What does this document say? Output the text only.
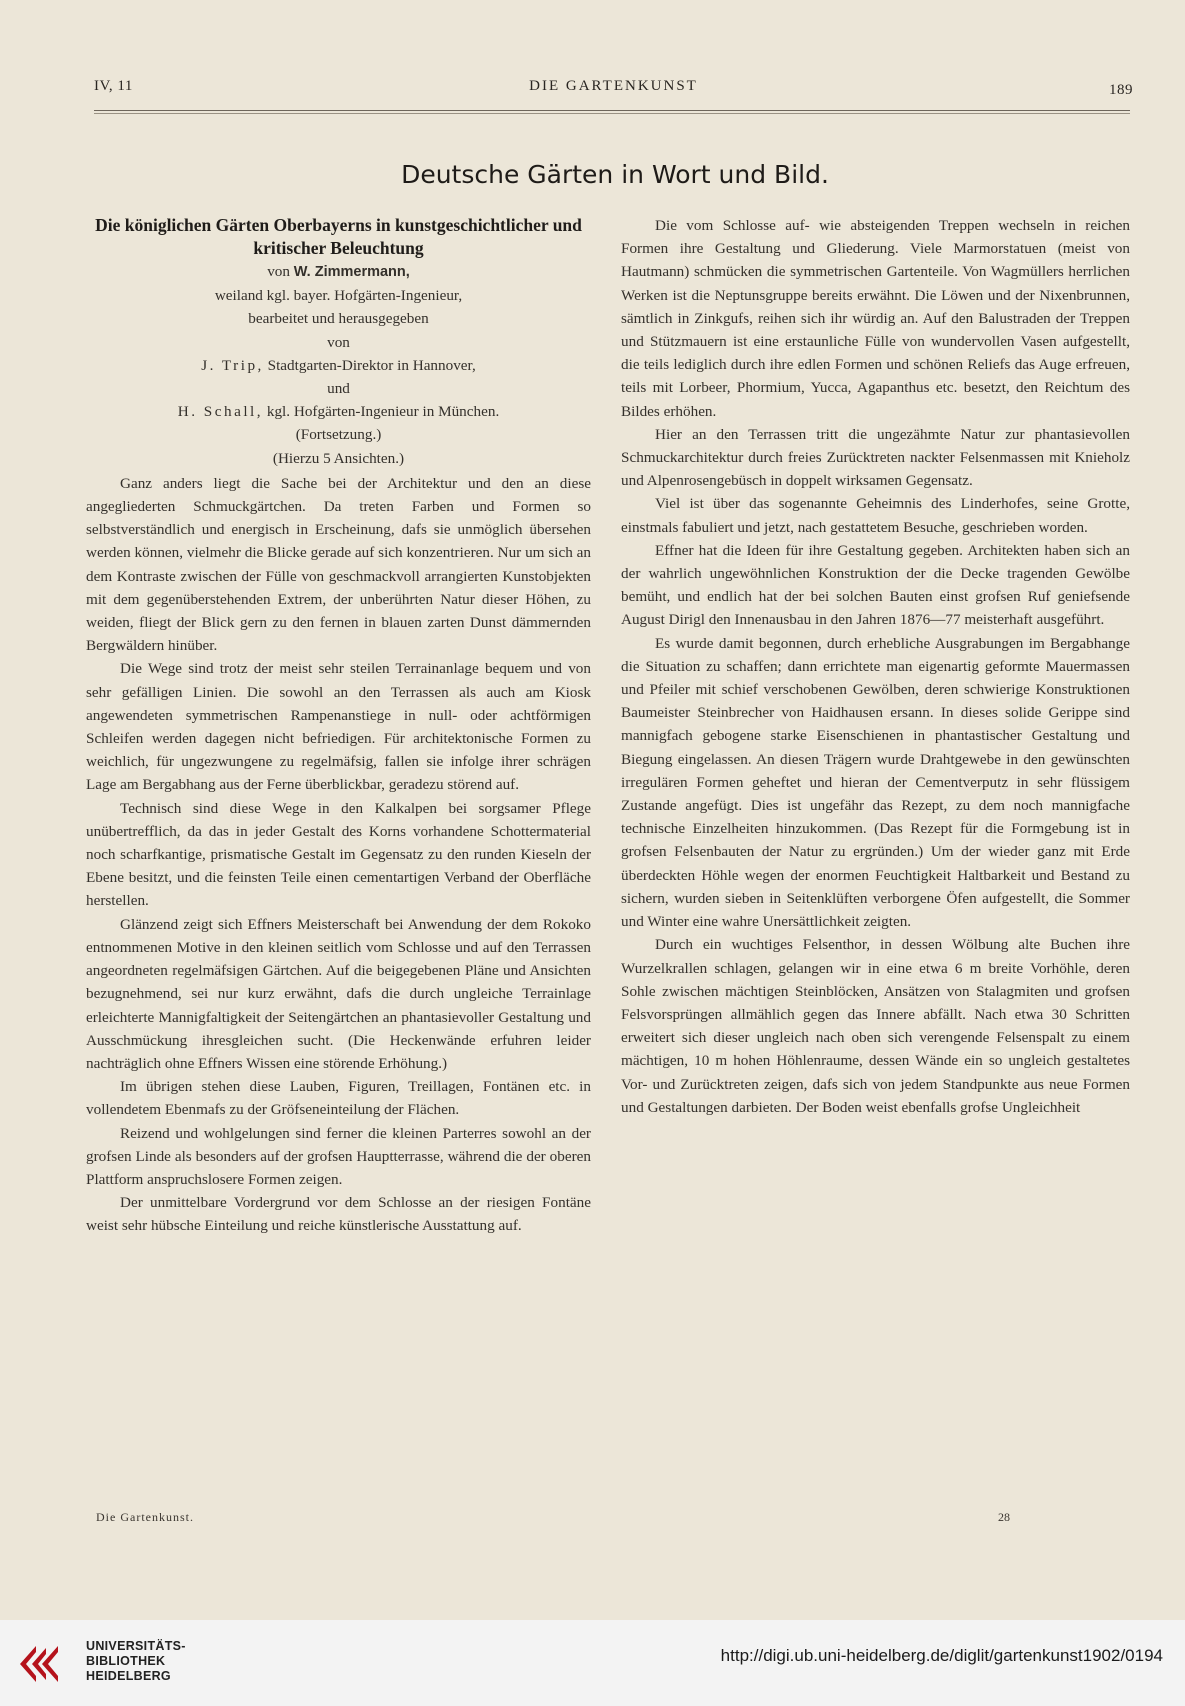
IV, 11	DIE GARTENKUNST	189
Deutsche Gärten in Wort und Bild.

Die königlichen Gärten Oberbayerns in kunstgeschichtlicher und kritischer Beleuchtung

von W. Zimmermann,

weiland kgl. bayer. Hofgärten-Ingenieur,

bearbeitet und herausgegeben

von

J. Trip, Stadtgarten-Direktor in Hannover,

und

H. Schall, kgl. Hofgärten-Ingenieur in München.

(Fortsetzung.)

(Hierzu 5 Ansichten.)

Ganz anders liegt die Sache bei der Architektur und den an diese angegliederten Schmuckgärtchen. Da treten Farben und Formen so selbstverständlich und energisch in Erscheinung, dafs sie unmöglich übersehen werden können, vielmehr die Blicke gerade auf sich konzentrieren. Nur um sich an dem Kontraste zwischen der Fülle von geschmackvoll arrangierten Kunstobjekten mit dem gegenüberstehenden Extrem, der unberührten Natur dieser Höhen, zu weiden, fliegt der Blick gern zu den fernen in blauen zarten Dunst dämmernden Bergwäldern hinüber.

Die Wege sind trotz der meist sehr steilen Terrainanlage bequem und von sehr gefälligen Linien. Die sowohl an den Terrassen als auch am Kiosk angewendeten symmetrischen Rampenanstiege in null- oder achtförmigen Schleifen werden dagegen nicht befriedigen. Für architektonische Formen zu weichlich, für ungezwungene zu regelmäfsig, fallen sie infolge ihrer schrägen Lage am Bergabhang aus der Ferne überblickbar, geradezu störend auf.

Technisch sind diese Wege in den Kalkalpen bei sorgsamer Pflege unübertrefflich, da das in jeder Gestalt des Korns vorhandene Schottermaterial noch scharfkantige, prismatische Gestalt im Gegensatz zu den runden Kieseln der Ebene besitzt, und die feinsten Teile einen cementartigen Verband der Oberfläche herstellen.

Glänzend zeigt sich Effners Meisterschaft bei Anwendung der dem Rokoko entnommenen Motive in den kleinen seitlich vom Schlosse und auf den Terrassen angeordneten regelmäfsigen Gärtchen. Auf die beigegebenen Pläne und Ansichten bezugnehmend, sei nur kurz erwähnt, dafs die durch ungleiche Terrainlage erleichterte Mannigfaltigkeit der Seitengärtchen an phantasievoller Gestaltung und Ausschmückung ihresgleichen sucht. (Die Heckenwände erfuhren leider nachträglich ohne Effners Wissen eine störende Erhöhung.)

Im übrigen stehen diese Lauben, Figuren, Treillagen, Fontänen etc. in vollendetem Ebenmafs zu der Gröfseneinteilung der Flächen.

Reizend und wohlgelungen sind ferner die kleinen Parterres sowohl an der grofsen Linde als besonders auf der grofsen Hauptterrasse, während die der oberen Plattform anspruchslosere Formen zeigen.

Der unmittelbare Vordergrund vor dem Schlosse an der riesigen Fontäne weist sehr hübsche Einteilung und reiche künstlerische Ausstattung auf.

Die vom Schlosse auf- wie absteigenden Treppen wechseln in reichen Formen ihre Gestaltung und Gliederung. Viele Marmorstatuen (meist von Hautmann) schmücken die symmetrischen Gartenteile. Von Wagmüllers herrlichen Werken ist die Neptunsgruppe bereits erwähnt. Die Löwen und der Nixenbrunnen, sämtlich in Zinkgufs, reihen sich ihr würdig an. Auf den Balustraden der Treppen und Stützmauern ist eine erstaunliche Fülle von wundervollen Vasen aufgestellt, die teils lediglich durch ihre edlen Formen und schönen Reliefs das Auge erfreuen, teils mit Lorbeer, Phormium, Yucca, Agapanthus etc. besetzt, den Reichtum des Bildes erhöhen.

Hier an den Terrassen tritt die ungezähmte Natur zur phantasievollen Schmuckarchitektur durch freies Zurücktreten nackter Felsenmassen mit Knieholz und Alpenrosengebüsch in doppelt wirksamen Gegensatz.

Viel ist über das sogenannte Geheimnis des Linderhofes, seine Grotte, einstmals fabuliert und jetzt, nach gestattetem Besuche, geschrieben worden.

Effner hat die Ideen für ihre Gestaltung gegeben. Architekten haben sich an der wahrlich ungewöhnlichen Konstruktion der die Decke tragenden Gewölbe bemüht, und endlich hat der bei solchen Bauten einst grofsen Ruf geniefsende August Dirigl den Innenausbau in den Jahren 1876—77 meisterhaft ausgeführt.

Es wurde damit begonnen, durch erhebliche Ausgrabungen im Bergabhange die Situation zu schaffen; dann errichtete man eigenartig geformte Mauermassen und Pfeiler mit schief verschobenen Gewölben, deren schwierige Konstruktionen Baumeister Steinbrecher von Haidhausen ersann. In dieses solide Gerippe sind mannigfach gebogene starke Eisenschienen in phantastischer Gestaltung und Biegung eingelassen. An diesen Trägern wurde Drahtgewebe in den gewünschten irregulären Formen geheftet und hieran der Cementverputz in sehr flüssigem Zustande angefügt. Dies ist ungefähr das Rezept, zu dem noch mannigfache technische Einzelheiten hinzukommen. (Das Rezept für die Formgebung ist in grofsen Felsenbauten der Natur zu ergründen.) Um der wieder ganz mit Erde überdeckten Höhle wegen der enormen Feuchtigkeit Haltbarkeit und Bestand zu sichern, wurden sieben in Seitenklüften verborgene Öfen aufgestellt, die Sommer und Winter eine wahre Unersättlichkeit zeigten.

Durch ein wuchtiges Felsenthor, in dessen Wölbung alte Buchen ihre Wurzelkrallen schlagen, gelangen wir in eine etwa 6 m breite Vorhöhle, deren Sohle zwischen mächtigen Steinblöcken, Ansätzen von Stalagmiten und grofsen Felsvorsprüngen allmählich gegen das Innere abfällt. Nach etwa 30 Schritten erweitert sich dieser ungleich nach oben sich verengende Felsenspalt zu einem mächtigen, 10 m hohen Höhlenraume, dessen Wände ein so ungleich gestaltetes Vor- und Zurücktreten zeigen, dafs sich von jedem Standpunkte aus neue Formen und Gestaltungen darbieten. Der Boden weist ebenfalls grofse Ungleichheit

Die Gartenkunst.	28
UNIVERSITÄTS-
BIBLIOTHEK
HEIDELBERG
http://digi.ub.uni-heidelberg.de/diglit/gartenkunst1902/0194
